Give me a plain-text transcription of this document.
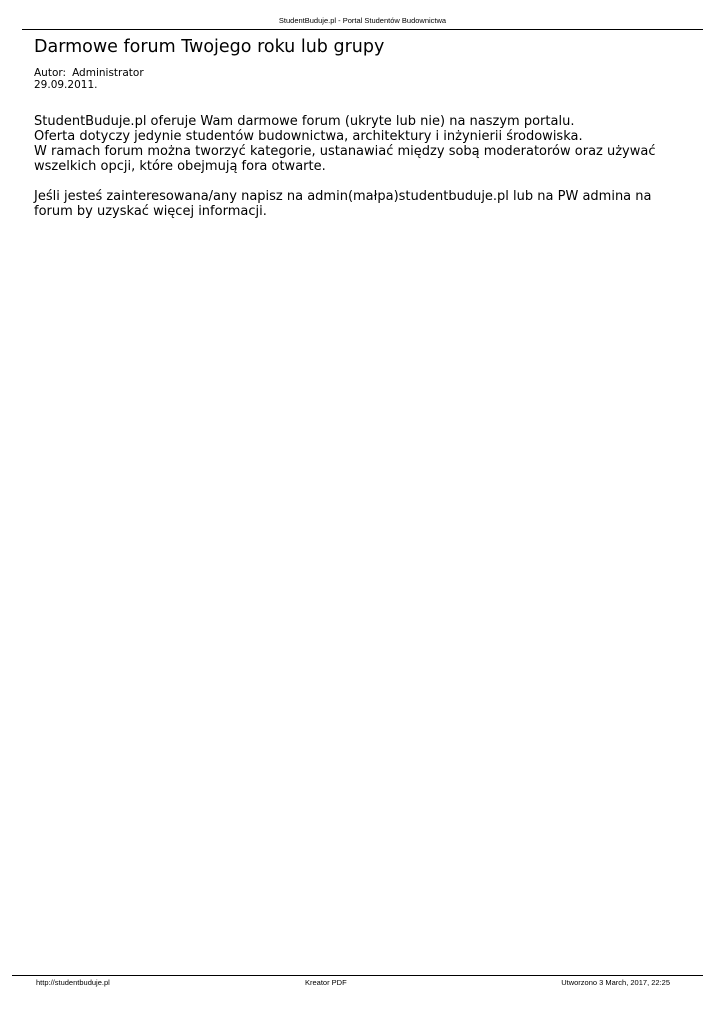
StudentBuduje.pl - Portal Studentów Budownictwa
Darmowe forum Twojego roku lub grupy
Autor: Administrator
29.09.2011.

StudentBuduje.pl oferuje Wam darmowe forum (ukryte lub nie) na naszym portalu.

Oferta dotyczy jedynie studentów budownictwa, architektury i inżynierii środowiska.

W ramach forum można tworzyć kategorie, ustanawiać między sobą moderatorów oraz używać wszelkich opcji, które obejmują fora otwarte.

Jeśli jesteś zainteresowana/any napisz na admin(małpa)studentbuduje.pl lub na PW admina na forum by uzyskać więcej informacji.

http://studentbuduje.pl	Kreator PDF	Utworzono 3 March, 2017, 22:25
